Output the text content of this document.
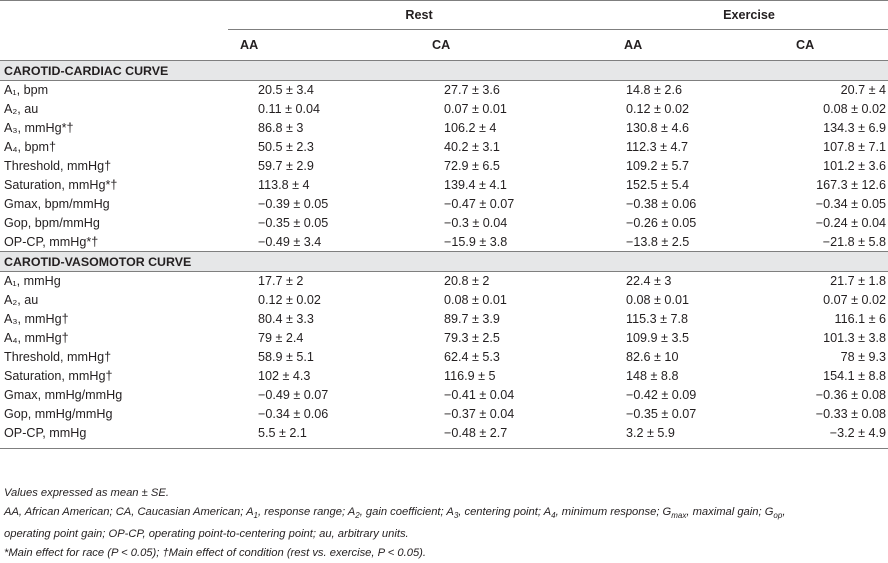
	Rest		Exercise	
	AA	CA	AA	CA
CAROTID-CARDIAC CURVE				
A₁, bpm	20.5 ± 3.4	27.7 ± 3.6	14.8 ± 2.6	20.7 ± 4
A₂, au	0.11 ± 0.04	0.07 ± 0.01	0.12 ± 0.02	0.08 ± 0.02
A₃, mmHg*†	86.8 ± 3	106.2 ± 4	130.8 ± 4.6	134.3 ± 6.9
A₄, bpm†	50.5 ± 2.3	40.2 ± 3.1	112.3 ± 4.7	107.8 ± 7.1
Threshold, mmHg†	59.7 ± 2.9	72.9 ± 6.5	109.2 ± 5.7	101.2 ± 3.6
Saturation, mmHg*†	113.8 ± 4	139.4 ± 4.1	152.5 ± 5.4	167.3 ± 12.6
Gmax, bpm/mmHg	−0.39 ± 0.05	−0.47 ± 0.07	−0.38 ± 0.06	−0.34 ± 0.05
Gop, bpm/mmHg	−0.35 ± 0.05	−0.3 ± 0.04	−0.26 ± 0.05	−0.24 ± 0.04
OP-CP, mmHg*†	−0.49 ± 3.4	−15.9 ± 3.8	−13.8 ± 2.5	−21.8 ± 5.8
CAROTID-VASOMOTOR CURVE				
A₁, mmHg	17.7 ± 2	20.8 ± 2	22.4 ± 3	21.7 ± 1.8
A₂, au	0.12 ± 0.02	0.08 ± 0.01	0.08 ± 0.01	0.07 ± 0.02
A₃, mmHg†	80.4 ± 3.3	89.7 ± 3.9	115.3 ± 7.8	116.1 ± 6
A₄, mmHg†	79 ± 2.4	79.3 ± 2.5	109.9 ± 3.5	101.3 ± 3.8
Threshold, mmHg†	58.9 ± 5.1	62.4 ± 5.3	82.6 ± 10	78 ± 9.3
Saturation, mmHg†	102 ± 4.3	116.9 ± 5	148 ± 8.8	154.1 ± 8.8
Gmax, mmHg/mmHg	−0.49 ± 0.07	−0.41 ± 0.04	−0.42 ± 0.09	−0.36 ± 0.08
Gop, mmHg/mmHg	−0.34 ± 0.06	−0.37 ± 0.04	−0.35 ± 0.07	−0.33 ± 0.08
OP-CP, mmHg	5.5 ± 2.1	−0.48 ± 2.7	3.2 ± 5.9	−3.2 ± 4.9

Values expressed as mean ± SE.

AA, African American; CA, Caucasian American; $A_1$, response range; $A_2$, gain coefficient; $A_3$, centering point; $A_4$, minimum response; $G_{max}$, maximal gain; $G_{op}$,
operating point gain; OP-CP, operating point-to-centering point; au, arbitrary units.

*Main effect for race (P < 0.05); †Main effect of condition (rest vs. exercise, P < 0.05).
